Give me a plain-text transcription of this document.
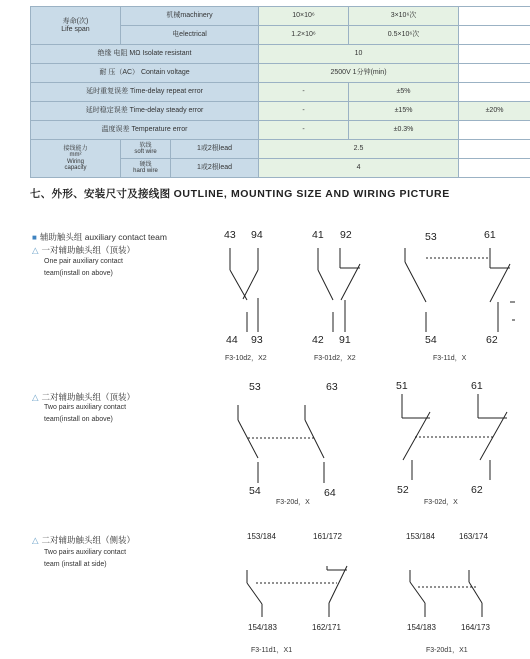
寿命(次)
Life span	机械machinery		10×10⁶	3×10⁶次	
	电electrical		1.2×10⁶	0.5×10⁶次	
绝缘 电阻 MΩ Isolate resistant			10		
耐 压（AC） Contain voltage			2500V 1分钟(min)		
延时重复误差 Time-delay repeat error			-	±5%	
延时稳定误差 Time-delay steady error			-	±15%	±20%
温度误差 Temperature error			-	±0.3%	
接线能力
mm²
Wiring
capacity	软线
soft wire	1或2根lead	2.5		
	硬线
hard wire	1或2根lead	4		
七、外形、安装尺寸及接线图 OUTLINE, MOUNTING SIZE AND WIRING PICTURE
■ 辅助触头组 auxiliary contact team
△ 一对辅助触头组（顶装）
One pair auxiliary contact
team(install on above)
△ 二对辅助触头组（顶装）
Two pairs auxiliary contact
team(install on above)
△ 二对辅助触头组（侧装）
Two pairs auxiliary contact
team (install at side)
43 94
44 93
F3-10d2，X2
41 92
42 91
F3-01d2，X2
53	61
54	62
F3-11d，X
53	63
54	64
F3-20d，X
51	61
52	62
F3-02d，X
153/184	161/172
154/183	162/171
F3-11d1，X1
153/184	163/174
154/183	164/173
F3-20d1，X1
